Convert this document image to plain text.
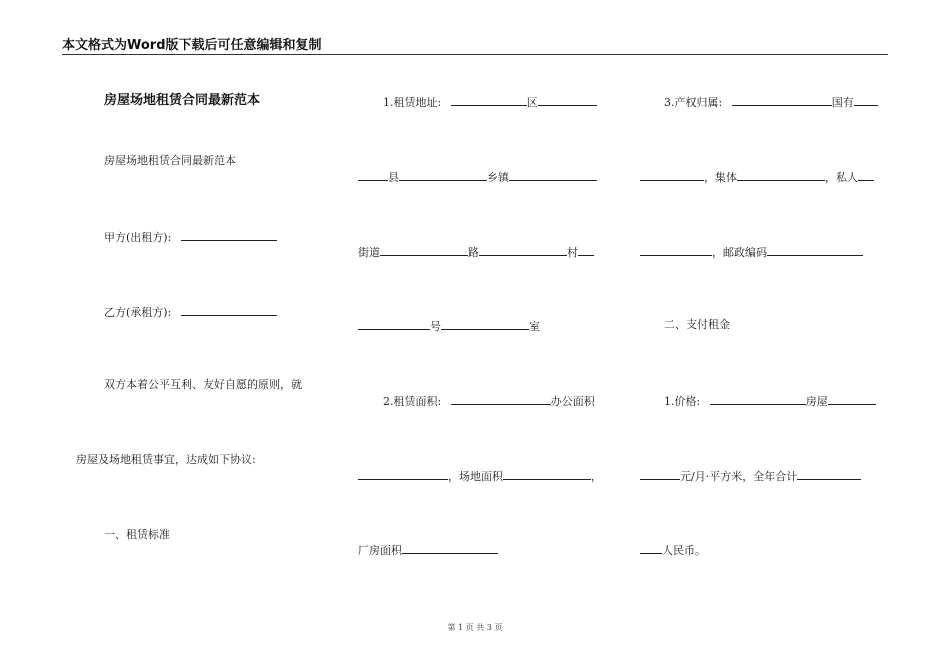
本文格式为Word版下载后可任意编辑和复制
房屋场地租赁合同最新范本
房屋场地租赁合同最新范本
甲方(出租方):
乙方(承租方):
双方本着公平互利、友好自愿的原则，就
房屋及场地租赁事宜，达成如下协议:
一、租赁标准
1.租赁地址:	区
县	乡镇
街道	路	村
号	室
2.租赁面积:	办公面积
，场地面积	，
厂房面积
3.产权归属:	国有
，集体	，私人
，邮政编码
二、支付租金
1.价格:	房屋
元/月·平方米，全年合计
人民币。
第 1 页 共 3 页
